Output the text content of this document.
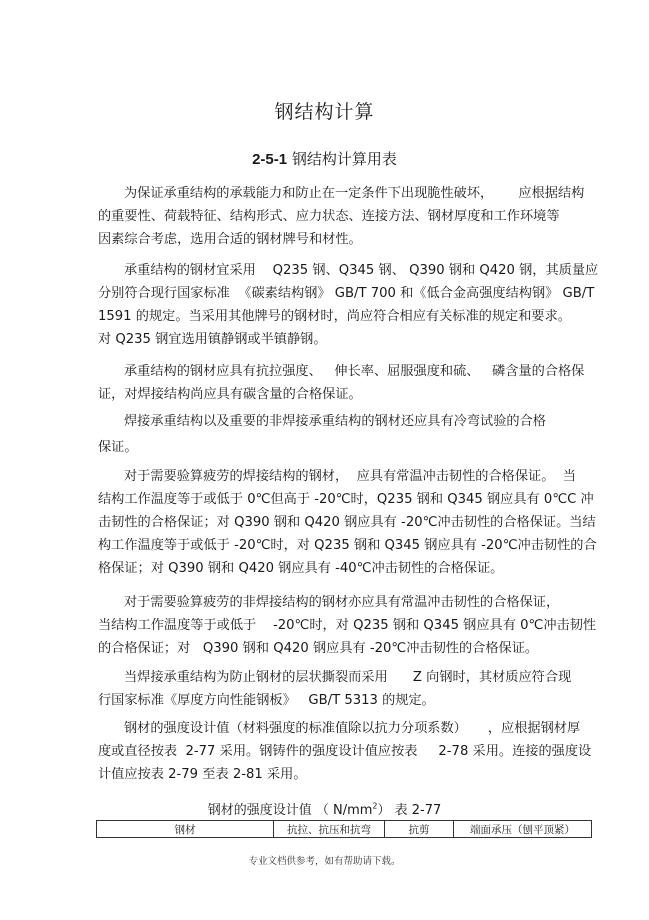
钢结构计算
2-5-1 钢结构计算用表
为保证承重结构的承载能力和防止在一定条件下出现脆性破坏，      应根据结构
的重要性、荷载特征、结构形式、应力状态、连接方法、钢材厚度和工作环境等
因素综合考虑，选用合适的钢材牌号和材性。
承重结构的钢材宜采用    Q235 钢、Q345 钢、 Q390 钢和 Q420 钢，其质量应
分别符合现行国家标准  《碳素结构钢》 GB/T 700 和《低合金高强度结构钢》 GB/T
1591 的规定。当采用其他牌号的钢材时，尚应符合相应有关标准的规定和要求。
对 Q235 钢宜选用镇静钢或半镇静钢。
承重结构的钢材应具有抗拉强度、   伸长率、屈服强度和硫、   磷含量的合格保
证，对焊接结构尚应具有碳含量的合格保证。
焊接承重结构以及重要的非焊接承重结构的钢材还应具有冷弯试验的合格
保证。
对于需要验算疲劳的焊接结构的钢材，  应具有常温冲击韧性的合格保证。  当
结构工作温度等于或低于 0℃但高于 -20℃时，Q235 钢和 Q345 钢应具有 0℃C 冲
击韧性的合格保证；对 Q390 钢和 Q420 钢应具有 -20℃冲击韧性的合格保证。当结
构工作温度等于或低于 -20℃时，对 Q235 钢和 Q345 钢应具有 -20℃冲击韧性的合
格保证；对 Q390 钢和 Q420 钢应具有 -40℃冲击韧性的合格保证。
对于需要验算疲劳的非焊接结构的钢材亦应具有常温冲击韧性的合格保证，
当结构工作温度等于或低于    -20℃时，对 Q235 钢和 Q345 钢应具有 0℃冲击韧性
的合格保证；对   Q390 钢和 Q420 钢应具有 -20℃冲击韧性的合格保证。
当焊接承重结构为防止钢材的层状撕裂而采用      Z 向钢时，其材质应符合现
行国家标准《厚度方向性能钢板》   GB/T 5313 的规定。
钢材的强度设计值（材料强度的标准值除以抗力分项系数）     ，应根据钢材厚
度或直径按表  2-77 采用。钢铸件的强度设计值应按表     2-78 采用。连接的强度设
计值应按表 2-79 至表 2-81 采用。
钢材的强度设计值 （ $N/mm^2$） 表 2-77
钢材	抗拉、抗压和抗弯	抗剪	端面承压（刨平顶紧）
专业文档供参考，如有帮助请下载。
